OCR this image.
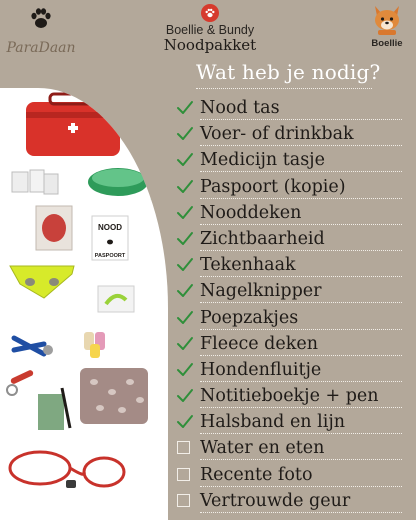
ParaDaan
Boellie & Bundy
Noodpakket	Boellie
Wat heb je nodig?
NOOD
PASPOORT
Nood tas
Voer- of drinkbak
Medicijn tasje
Paspoort (kopie)
Nooddeken
Zichtbaarheid
Tekenhaak
Nagelknipper
Poepzakjes
Fleece deken
Hondenfluitje
Notitieboekje + pen
Halsband en lijn
Water en eten
Recente foto
Vertrouwde geur
